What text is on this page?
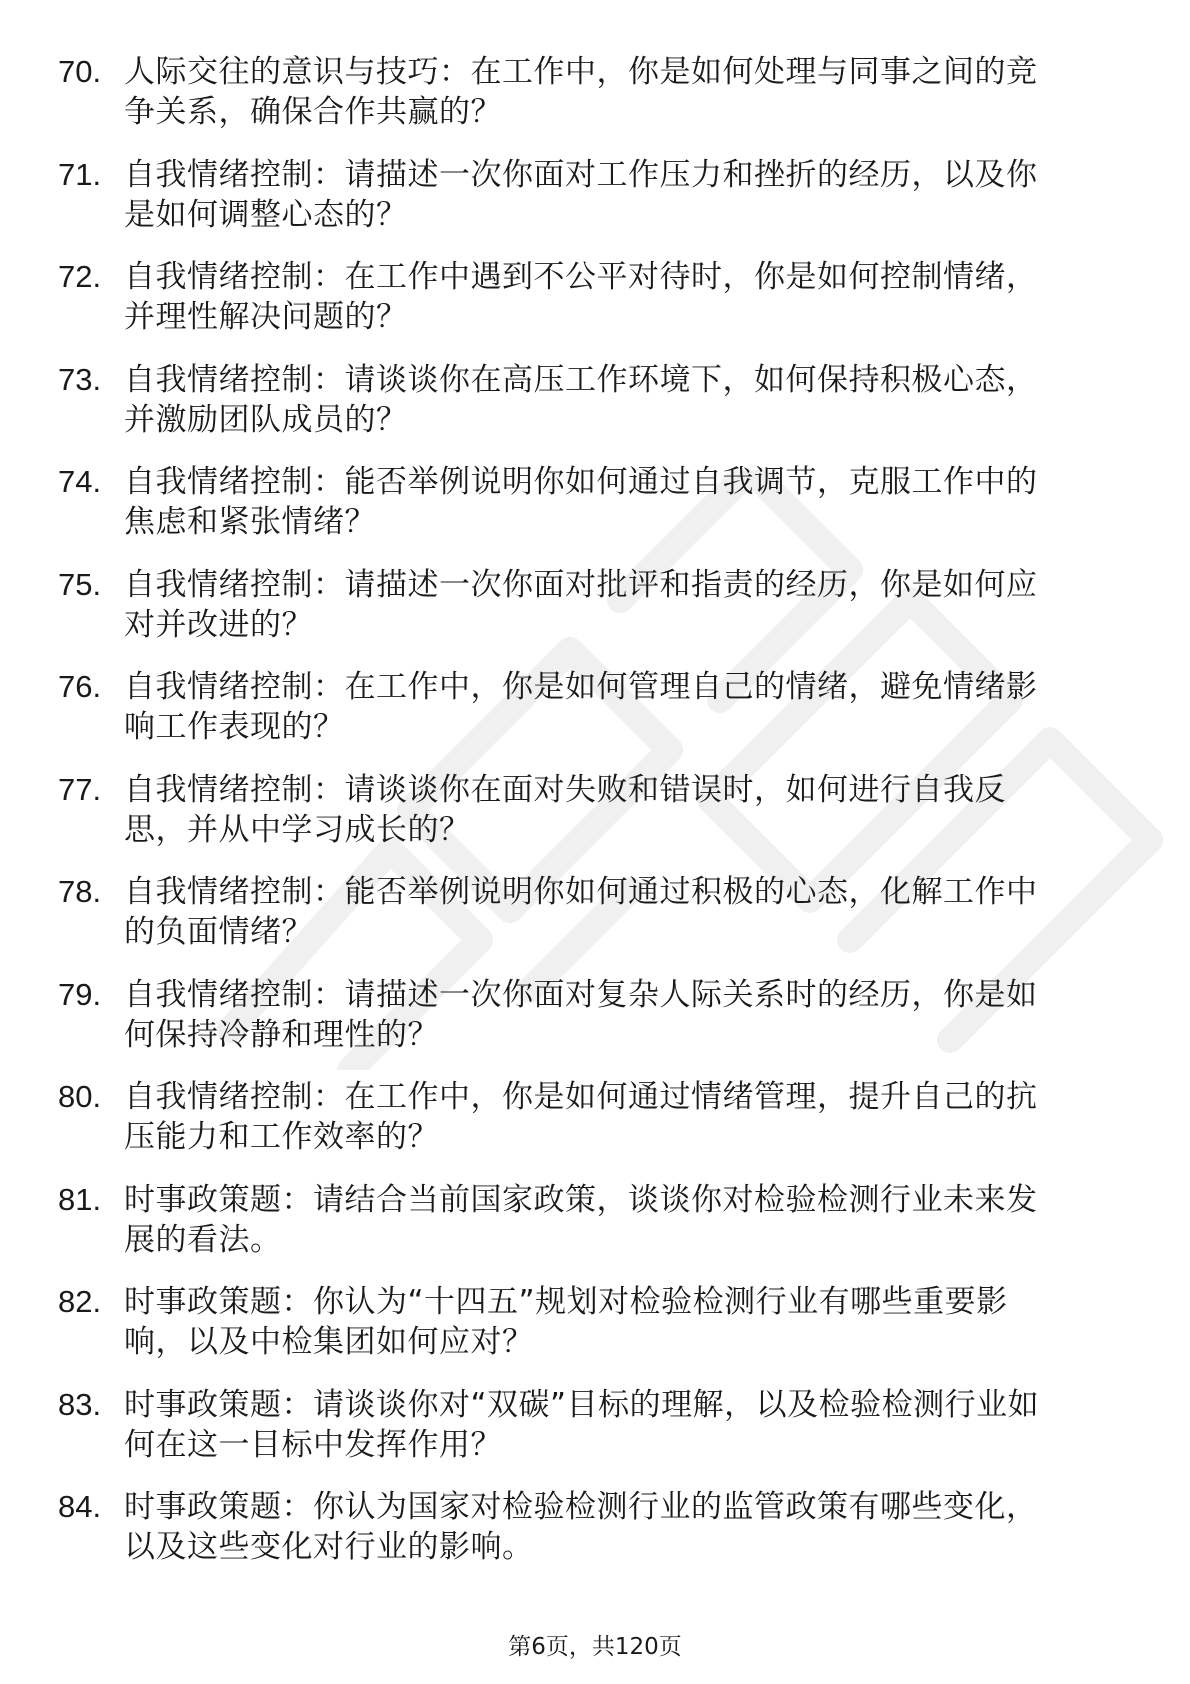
70. 人际交往的意识与技巧：在工作中，你是如何处理与同事之间的竞争关系，确保合作共赢的？
71. 自我情绪控制：请描述一次你面对工作压力和挫折的经历，以及你是如何调整心态的？
72. 自我情绪控制：在工作中遇到不公平对待时，你是如何控制情绪，并理性解决问题的？
73. 自我情绪控制：请谈谈你在高压工作环境下，如何保持积极心态，并激励团队成员的？
74. 自我情绪控制：能否举例说明你如何通过自我调节，克服工作中的焦虑和紧张情绪？
75. 自我情绪控制：请描述一次你面对批评和指责的经历，你是如何应对并改进的？
76. 自我情绪控制：在工作中，你是如何管理自己的情绪，避免情绪影响工作表现的？
77. 自我情绪控制：请谈谈你在面对失败和错误时，如何进行自我反思，并从中学习成长的？
78. 自我情绪控制：能否举例说明你如何通过积极的心态，化解工作中的负面情绪？
79. 自我情绪控制：请描述一次你面对复杂人际关系时的经历，你是如何保持冷静和理性的？
80. 自我情绪控制：在工作中，你是如何通过情绪管理，提升自己的抗压能力和工作效率的？
81. 时事政策题：请结合当前国家政策，谈谈你对检验检测行业未来发展的看法。
82. 时事政策题：你认为“十四五”规划对检验检测行业有哪些重要影响，以及中检集团如何应对？
83. 时事政策题：请谈谈你对“双碳”目标的理解，以及检验检测行业如何在这一目标中发挥作用？
84. 时事政策题：你认为国家对检验检测行业的监管政策有哪些变化，以及这些变化对行业的影响。
第6页，共120页
